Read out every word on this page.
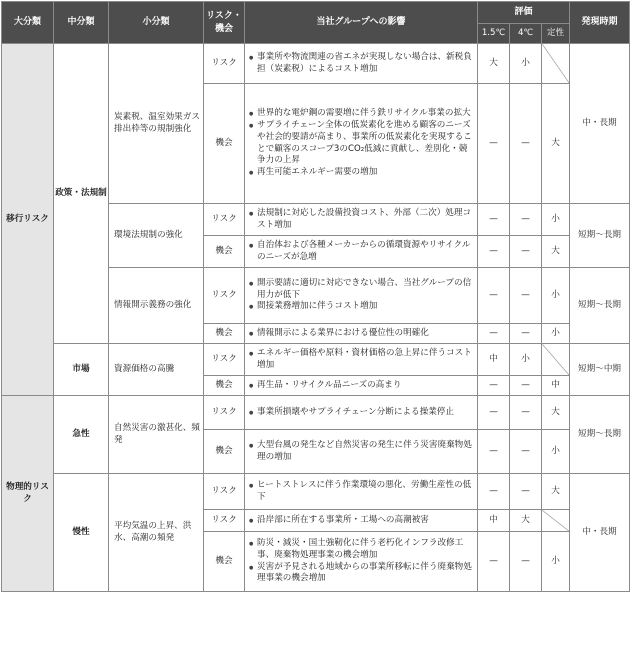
大分類	中分類	小分類	リスク・機会	当社グループへの影響	評価			発現時期
					1.5℃	4℃	定性	
移行リスク	政策・法規制	炭素税、温室効果ガス排出枠等の規制強化	リスク	● 事業所や物流関連の省エネが実現しない場合は、新税負担（炭素税）によるコスト増加	大	小		中・長期
			機会	● 世界的な電炉鋼の需要増に伴う鉄リサイクル事業の拡大
● サプライチェーン全体の低炭素化を進める顧客のニーズや社会的要請が高まり、事業所の低炭素化を実現することで顧客のスコープ3のCO₂低減に貢献し、差別化・競争力の上昇
● 再生可能エネルギー需要の増加	—	—	大	
		環境法規制の強化	リスク	● 法規制に対応した設備投資コスト、外部（二次）処理コスト増加	—	—	小	短期～長期
			機会	● 自治体および各種メーカーからの循環資源やリサイクルのニーズが急増	—	—	大	
		情報開示義務の強化	リスク	● 開示要請に適切に対応できない場合、当社グループの信用力が低下
● 間接業務増加に伴うコスト増加	—	—	小	短期～長期
			機会	● 情報開示による業界における優位性の明確化	—	—	小	
	市場	資源価格の高騰	リスク	● エネルギー価格や原料・資材価格の急上昇に伴うコスト増加	中	小		短期～中期
			機会	● 再生品・リサイクル品ニーズの高まり	—	—	中	
物理的リスク	急性	自然災害の激甚化、頻発	リスク	● 事業所損壊やサプライチェーン分断による操業停止	—	—	大	短期～長期
			機会	● 大型台風の発生など自然災害の発生に伴う災害廃棄物処理の増加	—	—	小	
	慢性	平均気温の上昇、洪水、高潮の頻発	リスク	● ヒートストレスに伴う作業環境の悪化、労働生産性の低下	—	—	大	中・長期
			リスク	● 沿岸部に所在する事業所・工場への高潮被害	中	大		
			機会	● 防災・減災・国土強靭化に伴う老朽化インフラ改修工事、廃棄物処理事業の機会増加
● 災害が予見される地域からの事業所移転に伴う廃棄物処理事業の機会増加	—	—	小	
